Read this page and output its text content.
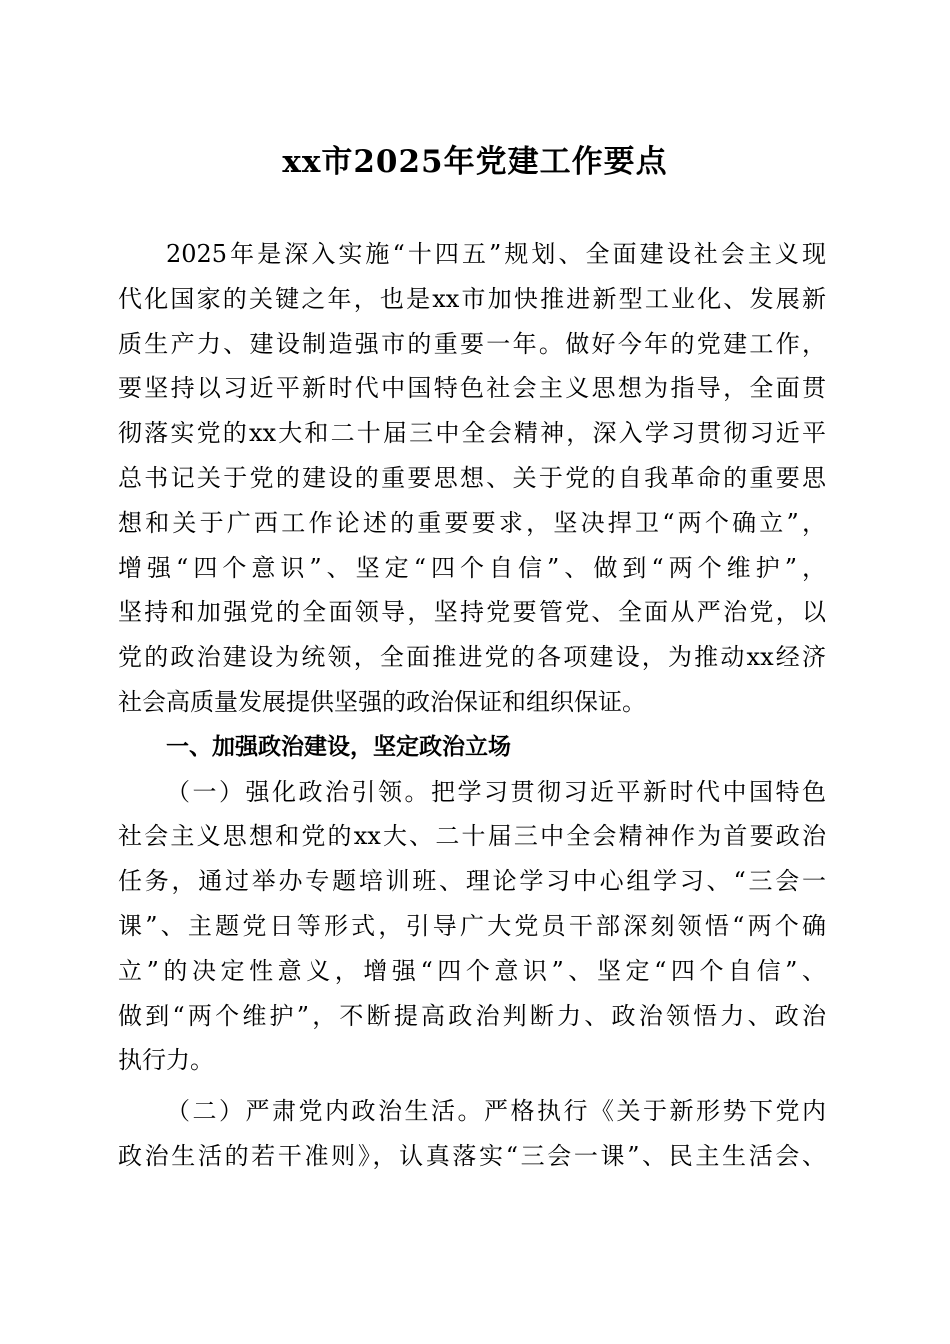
xx市2025年党建工作要点
2025年是深入实施“十四五”规划、全面建设社会主义现
代化国家的关键之年，也是xx市加快推进新型工业化、发展新
质生产力、建设制造强市的重要一年。做好今年的党建工作，
要坚持以习近平新时代中国特色社会主义思想为指导，全面贯
彻落实党的xx大和二十届三中全会精神，深入学习贯彻习近平
总书记关于党的建设的重要思想、关于党的自我革命的重要思
想和关于广西工作论述的重要要求，坚决捍卫“两个确立”，
增强“四个意识”、坚定“四个自信”、做到“两个维护”，
坚持和加强党的全面领导，坚持党要管党、全面从严治党，以
党的政治建设为统领，全面推进党的各项建设，为推动xx经济
社会高质量发展提供坚强的政治保证和组织保证。
一、加强政治建设，坚定政治立场
（一）强化政治引领。把学习贯彻习近平新时代中国特色
社会主义思想和党的xx大、二十届三中全会精神作为首要政治
任务，通过举办专题培训班、理论学习中心组学习、“三会一
课”、主题党日等形式，引导广大党员干部深刻领悟“两个确
立”的决定性意义，增强“四个意识”、坚定“四个自信”、
做到“两个维护”，不断提高政治判断力、政治领悟力、政治
执行力。
（二）严肃党内政治生活。严格执行《关于新形势下党内
政治生活的若干准则》，认真落实“三会一课”、民主生活会、
